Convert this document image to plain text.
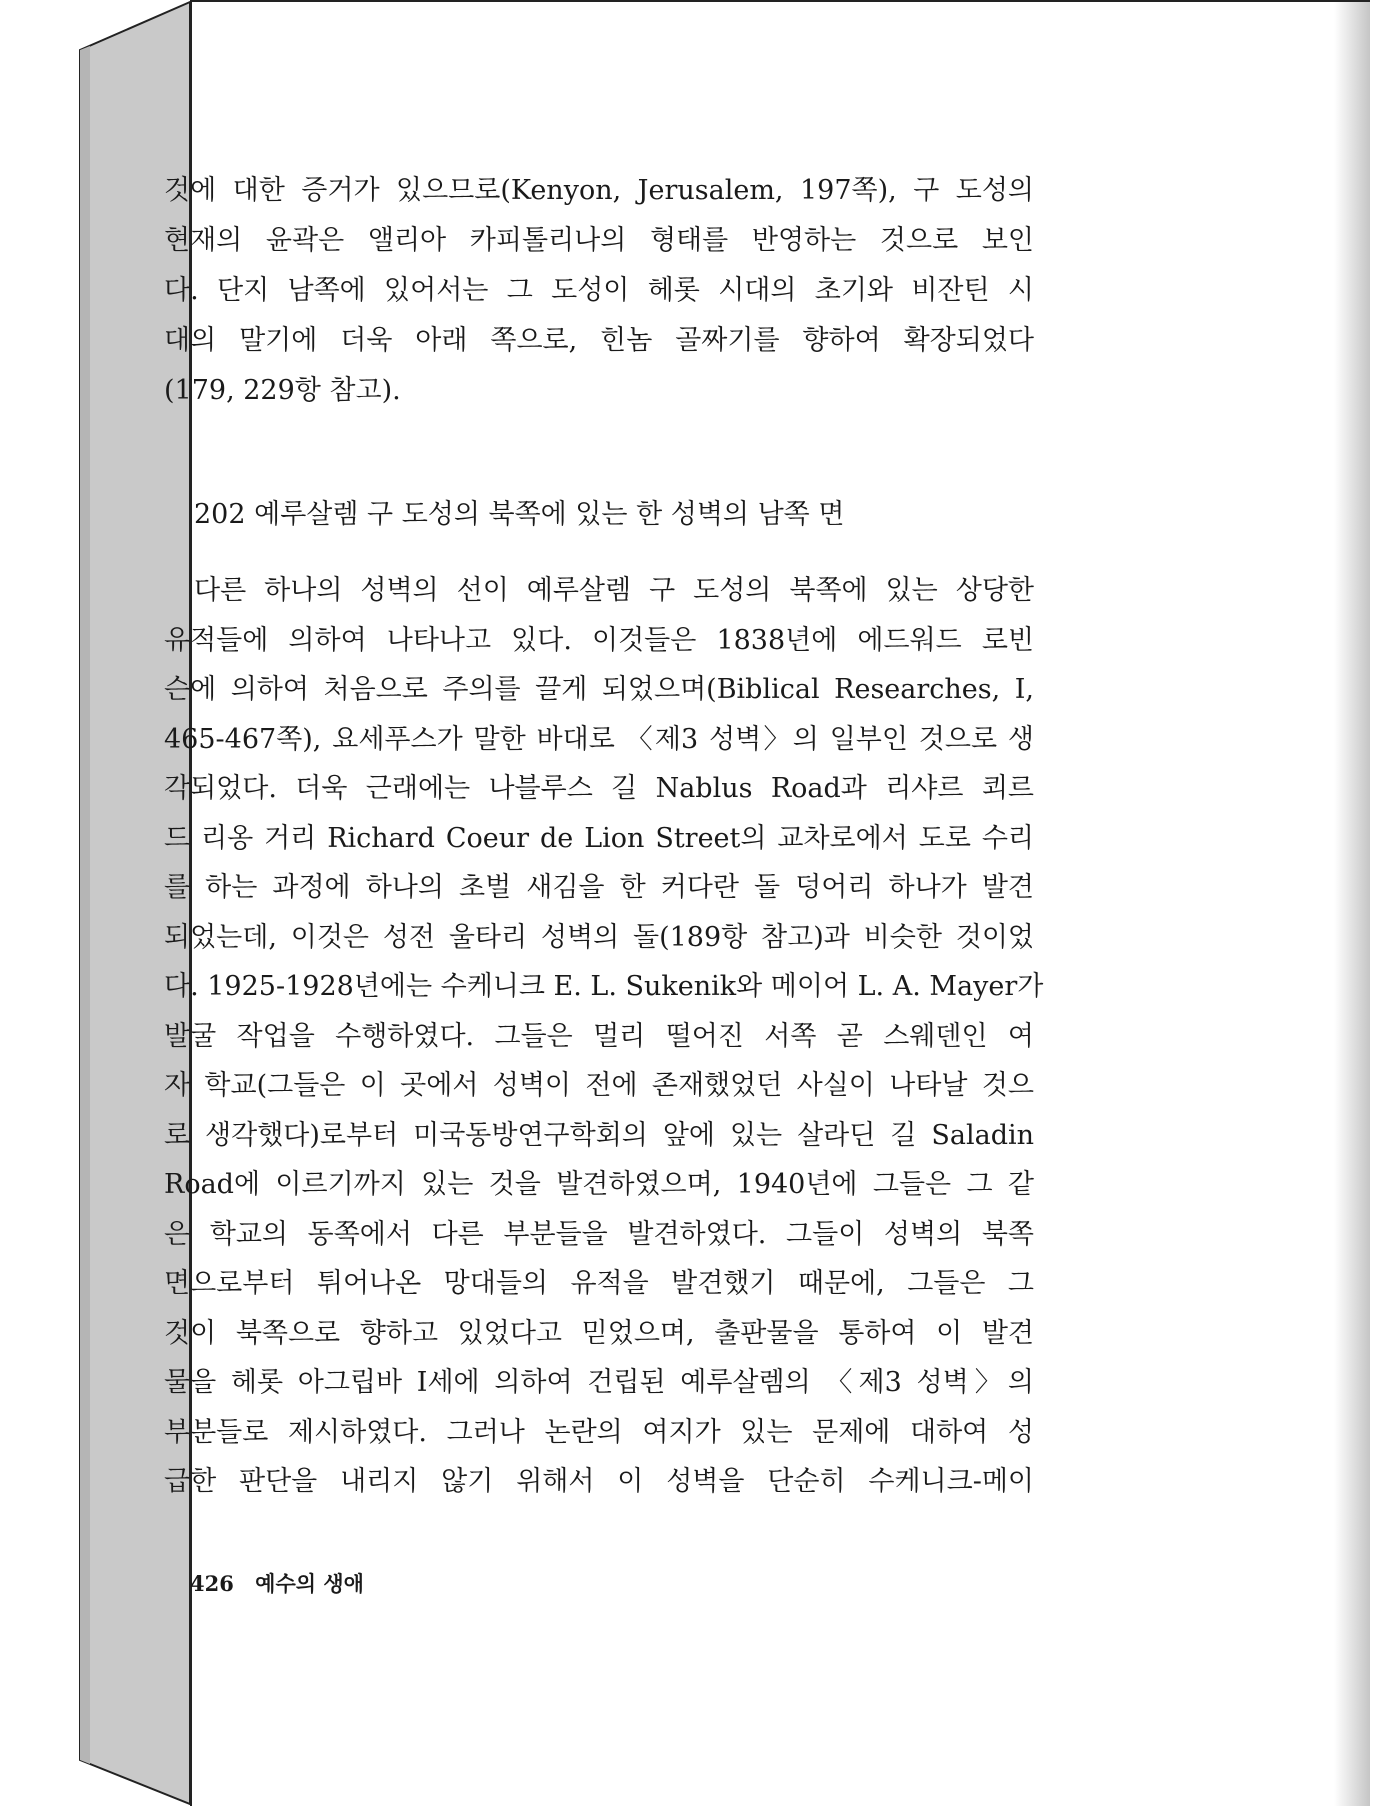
것에 대한 증거가 있으므로(Kenyon, Jerusalem, 197쪽), 구 도성의
현재의 윤곽은 앨리아 카피톨리나의 형태를 반영하는 것으로 보인
다. 단지 남쪽에 있어서는 그 도성이 헤롯 시대의 초기와 비잔틴 시
대의 말기에 더욱 아래 쪽으로, 힌놈 골짜기를 향하여 확장되었다
(179, 229항 참고).
202 예루살렘 구 도성의 북쪽에 있는 한 성벽의 남쪽 면
다른 하나의 성벽의 선이 예루살렘 구 도성의 북쪽에 있는 상당한
유적들에 의하여 나타나고 있다. 이것들은 1838년에 에드워드 로빈
슨에 의하여 처음으로 주의를 끌게 되었으며(Biblical Researches, I,
465-467쪽), 요세푸스가 말한 바대로 〈제3 성벽〉의 일부인 것으로 생
각되었다. 더욱 근래에는 나블루스 길 Nablus Road과 리샤르 쾨르
드 리옹 거리 Richard Coeur de Lion Street의 교차로에서 도로 수리
를 하는 과정에 하나의 초벌 새김을 한 커다란 돌 덩어리 하나가 발견
되었는데, 이것은 성전 울타리 성벽의 돌(189항 참고)과 비슷한 것이었
다. 1925-1928년에는 수케니크 E. L. Sukenik와 메이어 L. A. Mayer가
발굴 작업을 수행하였다. 그들은 멀리 떨어진 서쪽 곧 스웨덴인 여
자 학교(그들은 이 곳에서 성벽이 전에 존재했었던 사실이 나타날 것으
로 생각했다)로부터 미국동방연구학회의 앞에 있는 살라딘 길 Saladin
Road에 이르기까지 있는 것을 발견하였으며, 1940년에 그들은 그 같
은 학교의 동쪽에서 다른 부분들을 발견하였다. 그들이 성벽의 북쪽
면으로부터 튀어나온 망대들의 유적을 발견했기 때문에, 그들은 그
것이 북쪽으로 향하고 있었다고 믿었으며, 출판물을 통하여 이 발견
물을 헤롯 아그립바 I세에 의하여 건립된 예루살렘의 〈제3 성벽〉의
부분들로 제시하였다. 그러나 논란의 여지가 있는 문제에 대하여 성
급한 판단을 내리지 않기 위해서 이 성벽을 단순히 수케니크-메이
426 예수의 생애
